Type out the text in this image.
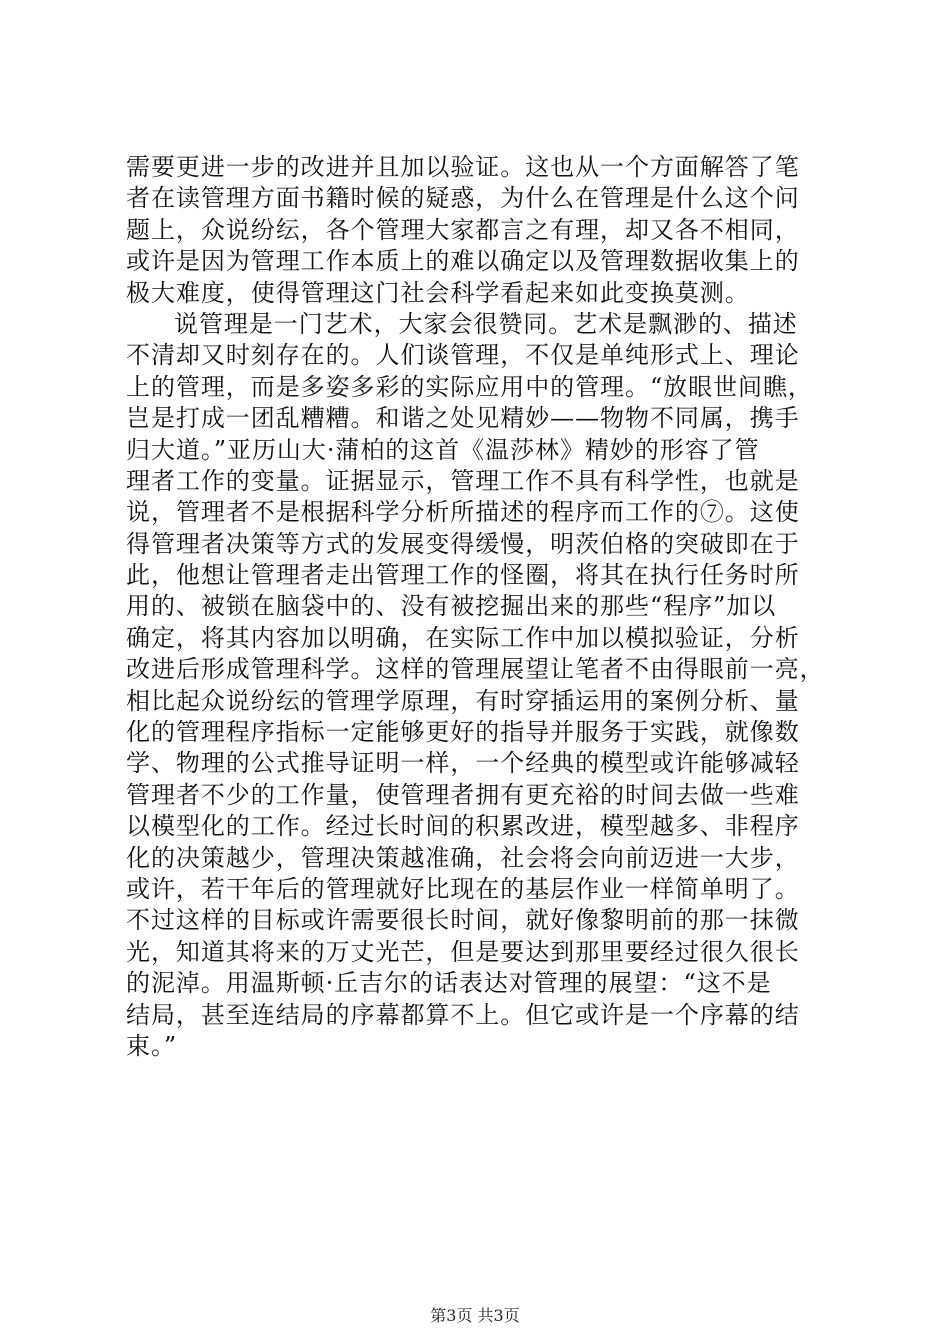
需要更进一步的改进并且加以验证。这也从一个方面解答了笔
者在读管理方面书籍时候的疑惑，为什么在管理是什么这个问
题上，众说纷纭，各个管理大家都言之有理，却又各不相同，
或许是因为管理工作本质上的难以确定以及管理数据收集上的
极大难度，使得管理这门社会科学看起来如此变换莫测。
说管理是一门艺术，大家会很赞同。艺术是飘渺的、描述
不清却又时刻存在的。人们谈管理，不仅是单纯形式上、理论
上的管理，而是多姿多彩的实际应用中的管理。“放眼世间瞧，
岂是打成一团乱糟糟。和谐之处见精妙——物物不同属，携手
归大道。”亚历山大·蒲柏的这首《温莎林》精妙的形容了管
理者工作的变量。证据显示，管理工作不具有科学性，也就是
说，管理者不是根据科学分析所描述的程序而工作的⑦。这使
得管理者决策等方式的发展变得缓慢，明茨伯格的突破即在于
此，他想让管理者走出管理工作的怪圈，将其在执行任务时所
用的、被锁在脑袋中的、没有被挖掘出来的那些“程序”加以
确定，将其内容加以明确，在实际工作中加以模拟验证，分析
改进后形成管理科学。这样的管理展望让笔者不由得眼前一亮，
相比起众说纷纭的管理学原理，有时穿插运用的案例分析、量
化的管理程序指标一定能够更好的指导并服务于实践，就像数
学、物理的公式推导证明一样，一个经典的模型或许能够减轻
管理者不少的工作量，使管理者拥有更充裕的时间去做一些难
以模型化的工作。经过长时间的积累改进，模型越多、非程序
化的决策越少，管理决策越准确，社会将会向前迈进一大步，
或许，若干年后的管理就好比现在的基层作业一样简单明了。
不过这样的目标或许需要很长时间，就好像黎明前的那一抹微
光，知道其将来的万丈光芒，但是要达到那里要经过很久很长
的泥淖。用温斯顿·丘吉尔的话表达对管理的展望：“这不是
结局，甚至连结局的序幕都算不上。但它或许是一个序幕的结
束。”
第3页 共3页
